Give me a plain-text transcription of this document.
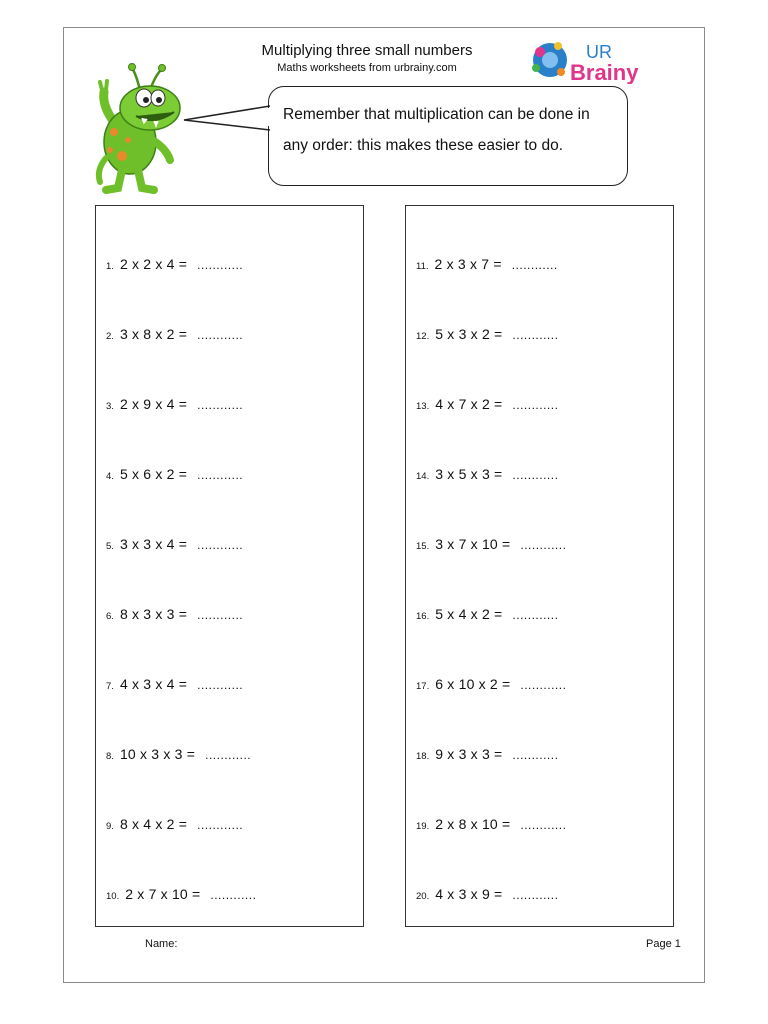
Multiplying three small numbers
Maths worksheets from urbrainy.com
UR
Brainy
Remember that multiplication can be done in
any order: this makes these easier to do.
1. 2 x 2 x 4 = ............
2. 3 x 8 x 2 = ............
3. 2 x 9 x 4 = ............
4. 5 x 6 x 2 = ............
5. 3 x 3 x 4 = ............
6. 8 x 3 x 3 = ............
7. 4 x 3 x 4 = ............
8. 10 x 3 x 3 = ............
9. 8 x 4 x 2 = ............
10. 2 x 7 x 10 = ............
11. 2 x 3 x 7 = ............
12. 5 x 3 x 2 = ............
13. 4 x 7 x 2 = ............
14. 3 x 5 x 3 = ............
15. 3 x 7 x 10 = ............
16. 5 x 4 x 2 = ............
17. 6 x 10 x 2 = ............
18. 9 x 3 x 3 = ............
19. 2 x 8 x 10 = ............
20. 4 x 3 x 9 = ............
Name:	Page 1
